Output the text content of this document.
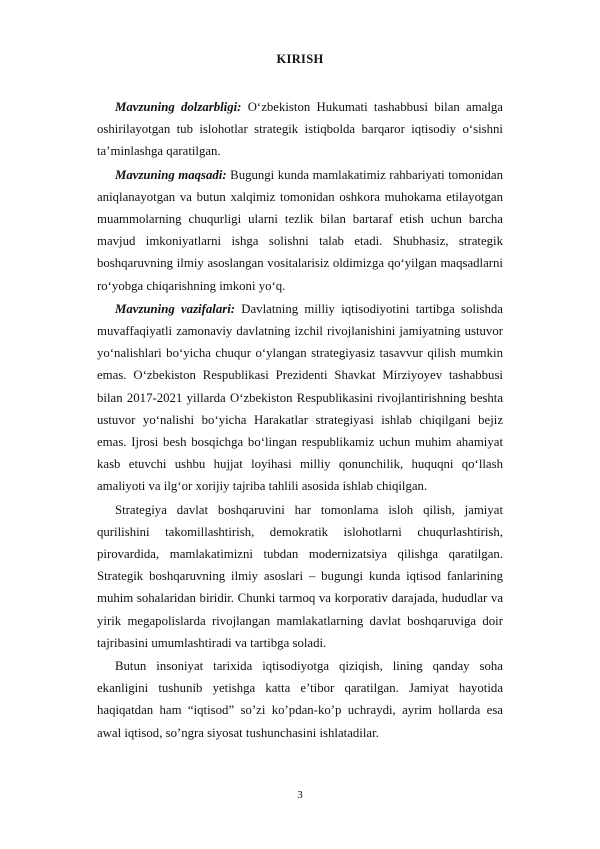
KIRISH

Mavzuning dolzarbligi: O‘zbekiston Hukumati tashabbusi bilan amalga oshirilayotgan tub islohotlar strategik istiqbolda barqaror iqtisodiy o‘sishni ta’minlashga qaratilgan.

Mavzuning maqsadi: Bugungi kunda mamlakatimiz rahbariyati tomonidan aniqlanayotgan va butun xalqimiz tomonidan oshkora muhokama etilayotgan muammolarning chuqurligi ularni tezlik bilan bartaraf etish uchun barcha mavjud imkoniyatlarni ishga solishni talab etadi. Shubhasiz, strategik boshqaruvning ilmiy asoslangan vositalarisiz oldimizga qo‘yilgan maqsadlarni ro‘yobga chiqarishning imkoni yo‘q.

Mavzuning vazifalari: Davlatning milliy iqtisodiyotini tartibga solishda muvaffaqiyatli zamonaviy davlatning izchil rivojlanishini jamiyatning ustuvor yo‘nalishlari bo‘yicha chuqur o‘ylangan strategiyasiz tasavvur qilish mumkin emas. O‘zbekiston Respublikasi Prezidenti Shavkat Mirziyoyev tashabbusi bilan 2017-2021 yillarda O‘zbekiston Respublikasini rivojlantirishning beshta ustuvor yo‘nalishi bo‘yicha Harakatlar strategiyasi ishlab chiqilgani bejiz emas. Ijrosi besh bosqichga bo‘lingan respublikamiz uchun muhim ahamiyat kasb etuvchi ushbu hujjat loyihasi milliy qonunchilik, huquqni qo‘llash amaliyoti va ilg‘or xorijiy tajriba tahlili asosida ishlab chiqilgan.

Strategiya davlat boshqaruvini har tomonlama isloh qilish, jamiyat qurilishini takomillashtirish, demokratik islohotlarni chuqurlashtirish, pirovardida, mamlakatimizni tubdan modernizatsiya qilishga qaratilgan. Strategik boshqaruvning ilmiy asoslari – bugungi kunda iqtisod fanlarining muhim sohalaridan biridir. Chunki tarmoq va korporativ darajada, hududlar va yirik megapolislarda rivojlangan mamlakatlarning davlat boshqaruviga doir tajribasini umumlashtiradi va tartibga soladi.

Butun insoniyat tarixida iqtisodiyotga qiziqish, lining qanday soha ekanligini tushunib yetishga katta e’tibor qaratilgan. Jamiyat hayotida haqiqatdan ham “iqtisod” so’zi ko’pdan-ko’p uchraydi, ayrim hollarda esa awal iqtisod, so’ngra siyosat tushunchasini ishlatadilar.

3
